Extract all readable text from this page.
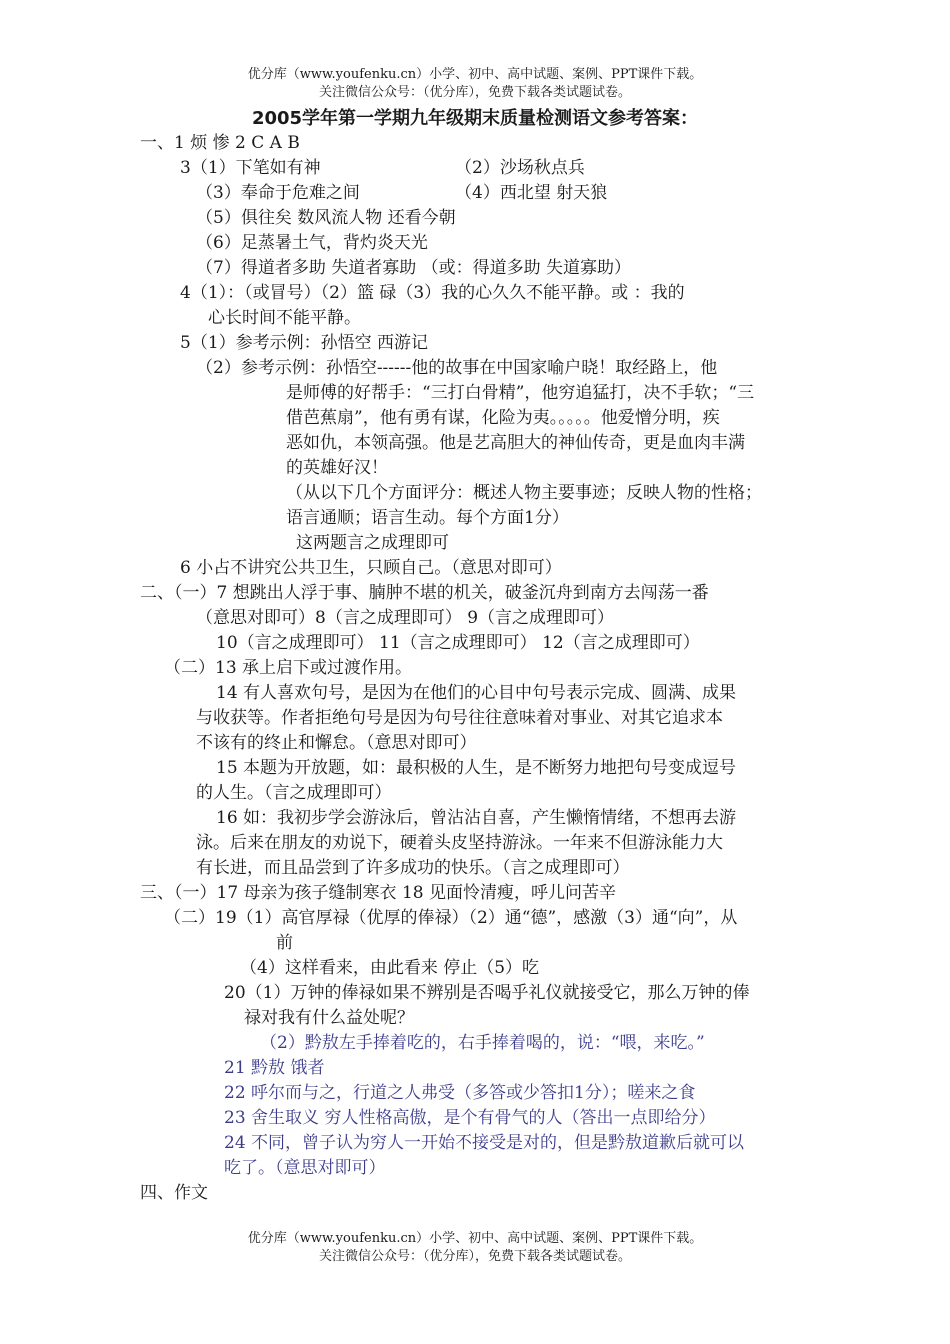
优分库（www.youfenku.cn）小学、初中、高中试题、案例、PPT课件下载。
关注微信公众号：（优分库），免费下载各类试题试卷。
2005学年第一学期九年级期末质量检测语文参考答案：
一、1 烦 惨 2 C A B
3（1）下笔如有神	（2）沙场秋点兵
（3）奉命于危难之间	（4）西北望 射天狼
（5）俱往矣 数风流人物 还看今朝
（6）足蒸暑土气，背灼炎天光
（7）得道者多助 失道者寡助 （或：得道多助 失道寡助）
4（1）：（或冒号）（2）篮 碌（3）我的心久久不能平静。或 ：我的
心长时间不能平静。
5（1）参考示例：孙悟空 西游记
（2）参考示例：孙悟空------他的故事在中国家喻户晓！取经路上，他
是师傅的好帮手：“三打白骨精”，他穷追猛打，决不手软；“三
借芭蕉扇”，他有勇有谋，化险为夷。。。。。他爱憎分明，疾
恶如仇，本领高强。他是艺高胆大的神仙传奇，更是血肉丰满
的英雄好汉！
（从以下几个方面评分：概述人物主要事迹；反映人物的性格；
语言通顺；语言生动。每个方面1分）
这两题言之成理即可
6 小占不讲究公共卫生，只顾自己。（意思对即可）
二、（一）7 想跳出人浮于事、腩肿不堪的机关，破釜沉舟到南方去闯荡一番
（意思对即可）8（言之成理即可） 9（言之成理即可）
10（言之成理即可） 11（言之成理即可） 12（言之成理即可）
（二）13 承上启下或过渡作用。
14 有人喜欢句号，是因为在他们的心目中句号表示完成、圆满、成果
与收获等。作者拒绝句号是因为句号往往意味着对事业、对其它追求本
不该有的终止和懈怠。（意思对即可）
15 本题为开放题，如：最积极的人生，是不断努力地把句号变成逗号
的人生。（言之成理即可）
16 如：我初步学会游泳后，曾沾沾自喜，产生懒惰情绪，不想再去游
泳。后来在朋友的劝说下，硬着头皮坚持游泳。一年来不但游泳能力大
有长进，而且品尝到了许多成功的快乐。（言之成理即可）
三、（一）17 母亲为孩子缝制寒衣 18 见面怜清瘦，呼儿问苦辛
（二）19（1）高官厚禄（优厚的俸禄）（2）通“德”，感激（3）通“向”，从
前
（4）这样看来，由此看来 停止（5）吃
20（1）万钟的俸禄如果不辨别是否喝乎礼仪就接受它，那么万钟的俸
禄对我有什么益处呢？
（2）黔敖左手捧着吃的，右手捧着喝的，说：“喂，来吃。”
21 黔敖 饿者
22 呼尔而与之，行道之人弗受（多答或少答扣1分）；嗟来之食
23 舍生取义 穷人性格高傲，是个有骨气的人（答出一点即给分）
24 不同，曾子认为穷人一开始不接受是对的，但是黔敖道歉后就可以
吃了。（意思对即可）
四、作文
优分库（www.youfenku.cn）小学、初中、高中试题、案例、PPT课件下载。
关注微信公众号：（优分库），免费下载各类试题试卷。
